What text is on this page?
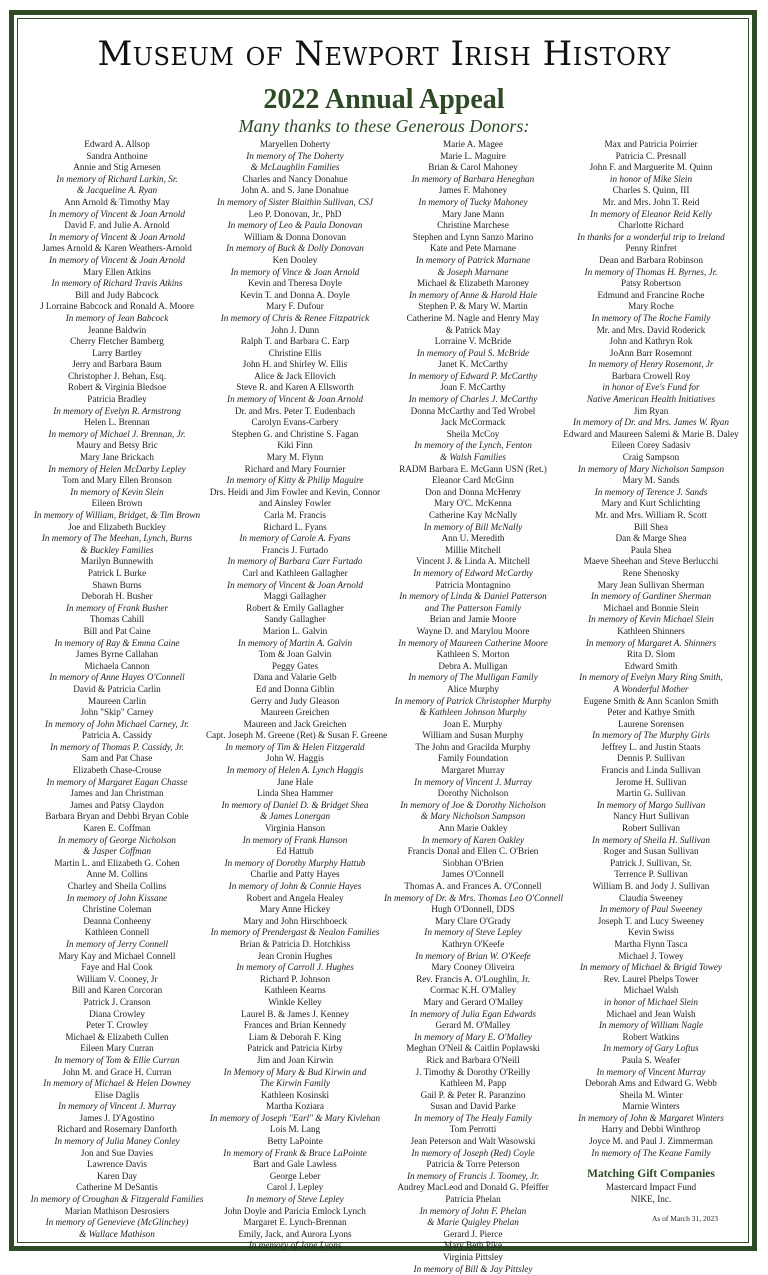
Museum of Newport Irish History
2022 Annual Appeal
Many thanks to these Generous Donors:
Edward A. Allsop
Sandra Anthoine
Annie and Stig Arnesen
In memory of Richard Larkin, Sr.
& Jacqueline A. Ryan
Ann Arnold & Timothy May
In memory of Vincent & Joan Arnold
David F. and Julie A. Arnold
In memory of Vincent & Joan Arnold
James Arnold & Karen Weathers-Arnold
In memory of Vincent & Joan Arnold
Mary Ellen Atkins
In memory of Richard Travis Atkins
Bill and Judy Babcock
J Lorraine Babcock and Ronald A. Moore
In memory of Jean Babcock
Jeanne Baldwin
Cherry Fletcher Bamberg
Larry Bartley
Jerry and Barbara Baum
Christopher J. Behan, Esq.
Robert & Virginia Bledsoe
Patricia Bradley
In memory of Evelyn R. Armstrong
Helen L. Brennan
In memory of Michael J. Brennan, Jr.
Maury and Betsy Bric
Mary Jane Brickach
In memory of Helen McDarby Lepley
Tom and Mary Ellen Bronson
In memory of Kevin Slein
Eileen Brown
In memory of William, Bridget, & Tim Brown
Joe and Elizabeth Buckley
In memory of The Meehan, Lynch, Burns
& Buckley Families
Marilyn Bunnewith
Patrick L Burke
Shawn Burns
Deborah H. Busher
In memory of Frank Busher
Thomas Cahill
Bill and Pat Caine
In memory of Ray & Emma Caine
James Byrne Callahan
Michaela Cannon
In memory of Anne Hayes O'Connell
David & Patricia Carlin
Maureen Carlin
John "Skip" Carney
In memory of John Michael Carney, Jr.
Patricia A. Cassidy
In memory of Thomas P. Cassidy, Jr.
Sam and Pat Chase
Elizabeth Chase-Crouse
In memory of Margaret Eagan Chasse
James and Jan Christman
James and Patsy Claydon
Barbara Bryan and Debbi Bryan Coble
Karen E. Coffman
In memory of George Nicholson
& Jasper Coffman
Martin L. and Elizabeth G. Cohen
Anne M. Collins
Charley and Sheila Collins
In memory of John Kissane
Christine Coleman
Deanna Conheeny
Kathleen Connell
In memory of Jerry Connell
Mary Kay and Michael Connell
Faye and Hal Cook
William V. Cooney, Jr
Bill and Karen Corcoran
Patrick J. Cranson
Diana Crowley
Peter T. Crowley
Michael & Elizabeth Cullen
Eileen Mary Curran
In memory of Tom & Ellie Curran
John M. and Grace H. Curran
In memory of Michael & Helen Downey
Elise Daglis
In memory of Vincent J. Murray
James J. D'Agostino
Richard and Rosemary Danforth
In memory of Julia Maney Conley
Jon and Sue Davies
Lawrence Davis
Karen Day
Catherine M DeSantis
In memory of Croughan & Fitzgerald Families
Marian Mathison Desrosiers
In memory of Genevieve (McGlinchey)
& Wallace Mathison
Maryellen Doherty
In memory of The Doherty
& McLaughlin Families
Charles and Nancy Donahue
John A. and S. Jane Donahue
In memory of Sister Blaithin Sullivan, CSJ
Leo P. Donovan, Jr., PhD
In memory of Leo & Paula Donovan
William & Donna Donovan
In memory of Buck & Dolly Donovan
Ken Dooley
In memory of Vince & Joan Arnold
Kevin and Theresa Doyle
Kevin T. and Donna A. Doyle
Mary F. Dufour
In memory of Chris & Renee Fitzpatrick
John J. Dunn
Ralph T. and Barbara C. Earp
Christine Ellis
John H. and Shirley W. Ellis
Alice & Jack Ellovich
Steve R. and Karen A Ellsworth
In memory of Vincent & Joan Arnold
Dr. and Mrs. Peter T. Eudenbach
Carolyn Evans-Carbery
Stephen G. and Christine S. Fagan
Kiki Finn
Mary M. Flynn
Richard and Mary Fournier
In memory of Kitty & Philip Maguire
Drs. Heidi and Jim Fowler and Kevin, Connor
and Ainsley Fowler
Carla M. Francis
Richard L. Fyans
In memory of Carole A. Fyans
Francis J. Furtado
In memory of Barbara Carr Furtado
Carl and Kathleen Gallagher
In memory of Vincent & Joan Arnold
Maggi Gallagher
Robert & Emily Gallagher
Sandy Gallagher
Marion L. Galvin
In memory of Martin A. Galvin
Tom & Joan Galvin
Peggy Gates
Dana and Valarie Gelb
Ed and Donna Giblin
Gerry and Judy Gleason
Maureen Greichen
Maureen and Jack Greichen
Capt. Joseph M. Greene (Ret) & Susan F. Greene
In memory of Tim & Helen Fitzgerald
John W. Haggis
In memory of Helen A. Lynch Haggis
Jane Hale
Linda Shea Hammer
In memory of Daniel D. & Bridget Shea
& James Lonergan
Virginia Hanson
In memory of Frank Hanson
Ed Hattub
In memory of Dorothy Murphy Hattub
Charlie and Patty Hayes
In memory of John & Connie Hayes
Robert and Angela Healey
Mary Anne Hickey
Mary and John Hirschboeck
In memory of Prendergast & Nealon Families
Brian & Patricia D. Hotchkiss
Jean Cronin Hughes
In memory of Carroll J. Hughes
Richard P. Johnson
Kathleen Kearns
Winkle Kelley
Laurel B. & James J. Kenney
Frances and Brian Kennedy
Liam & Deborah F. King
Patrick and Patricia Kirby
Jim and Joan Kirwin
In Memory of Mary & Bud Kirwin and
The Kirwin Family
Kathleen Kosinski
Martha Koziara
In memory of Joseph "Earl" & Mary Kivlehan
Lois M. Lang
Betty LaPointe
In memory of Frank & Bruce LaPointe
Bart and Gale Lawless
George Leber
Carol J. Lepley
In memory of Steve Lepley
John Doyle and Paricia Emlock Lynch
Margaret E. Lynch-Brennan
Emily, Jack, and Aurora Lyons
In memory of Jane Lyons
Marie A. Magee
Marie L. Maguire
Brian & Carol Mahoney
In memory of Barbara Heneghan
James F. Mahoney
In memory of Tucky Mahoney
Mary Jane Mann
Christine Marchese
Stephen and Lynn Sanzo Marino
Kate and Pete Marnane
In memory of Patrick Marnane
& Joseph Marnane
Michael & Elizabeth Maroney
In memory of Anne & Harold Hale
Stephen P. & Mary W. Martin
Catherine M. Nagle and Henry May
& Patrick May
Lorraine V. McBride
In memory of Paul S. McBride
Janet K. McCarthy
In memory of Edward P. McCarthy
Joan F. McCarthy
In memory of Charles J. McCarthy
Donna McCarthy and Ted Wrobel
Jack McCormack
Sheila McCoy
In memory of the Lynch, Fenton
& Walsh Families
RADM Barbara E. McGann USN (Ret.)
Eleanor Card McGinn
Don and Donna McHenry
Mary O'C. McKenna
Catherine Kay McNally
In memory of Bill McNally
Ann U. Meredith
Millie Mitchell
Vincent J. & Linda A. Mitchell
In memory of Edward McCarthy
Patricia Montagnino
In memory of Linda & Daniel Patterson
and The Patterson Family
Brian and Jamie Moore
Wayne D. and Marylou Moore
In memory of Maureen Catherine Moore
Kathleen S. Morton
Debra A. Mulligan
In memory of The Mulligan Family
Alice Murphy
In memory of Patrick Christopher Murphy
& Kathleen Johnson Murphy
Joan E. Murphy
William and Susan Murphy
The John and Gracilda Murphy
Family Foundation
Margaret Murray
In memory of Vincent J. Murray
Dorothy Nicholson
In memory of Joe & Dorothy Nicholson
& Mary Nicholson Sampson
Ann Marie Oakley
In memory of Karen Oakley
Francis Donal and Ellen C. O'Brien
Siobhan O'Brien
James O'Connell
Thomas A. and Frances A. O'Connell
In memory of Dr. & Mrs. Thomas Leo O'Connell
Hugh O'Donnell, DDS
Mary Clare O'Grady
In memory of Steve Lepley
Kathryn O'Keefe
In memory of Brian W. O'Keefe
Mary Cooney Oliveira
Rev. Francis A. O'Loughlin, Jr.
Cormac K.H. O'Malley
Mary and Gerard O'Malley
In memory of Julia Egan Edwards
Gerard M. O'Malley
In memory of Mary E. O'Malley
Meghan O'Neil & Caitlin Poplawski
Rick and Barbara O'Neill
J. Timothy & Dorothy O'Reilly
Kathleen M. Papp
Gail P. & Peter R. Paranzino
Susan and David Parke
In memory of The Healy Family
Tom Perrotti
Jean Peterson and Walt Wasowski
In memory of Joseph (Red) Coyle
Patricia & Torre Peterson
In memory of Francis J. Toomey, Jr.
Audrey MacLeod and Donald G. Pfeiffer
Patricia Phelan
In memory of John F. Phelan
& Marie Quigley Phelan
Gerard J. Pierce
Mary Beth Pike
Virginia Pittsley
In memory of Bill & Jay Pittsley
Max and Patricia Poirrier
Patricia C. Presnall
John F. and Marguerite M. Quinn
in honor of Mike Slein
Charles S. Quinn, III
Mr. and Mrs. John T. Reid
In memory of Eleanor Reid Kelly
Charlotte Richard
In thanks for a wonderful trip to Ireland
Penny Rinfret
Dean and Barbara Robinson
In memory of Thomas H. Byrnes, Jr.
Patsy Robertson
Edmund and Francine Roche
Mary Roche
In memory of The Roche Family
Mr. and Mrs. David Roderick
John and Kathryn Rok
JoAnn Barr Rosemont
In memory of Henry Rosemont, Jr
Barbara Crowell Roy
in honor of Eve's Fund for
Native American Health Initiatives
Jim Ryan
In memory of Dr. and Mrs. James W. Ryan
Edward and Maureen Salemi & Marie B. Daley
Eileen Corey Sadasiv
Craig Sampson
In memory of Mary Nicholson Sampson
Mary M. Sands
In memory of Terence J. Sands
Mary and Kurt Schlichting
Mr. and Mrs. William R. Scott
Bill Shea
Dan & Marge Shea
Paula Shea
Maeve Sheehan and Steve Berlucchi
Rene Shenosky
Mary Jean Sullivan Sherman
In memory of Gardiner Sherman
Michael and Bonnie Slein
In memory of Kevin Michael Slein
Kathleen Shinners
In memory of Margaret A. Shinners
Rita D. Slom
Edward Smith
In memory of Evelyn Mary Ring Smith,
A Wonderful Mother
Eugene Smith & Ann Scanlon Smith
Peter and Kathye Smith
Laurene Sorensen
In memory of The Murphy Girls
Jeffrey L. and Justin Staats
Dennis P. Sullivan
Francis and Linda Sullivan
Jerome H. Sullivan
Martin G. Sullivan
In memory of Margo Sullivan
Nancy Hurt Sullivan
Robert Sullivan
In memory of Sheila H. Sullivan
Roger and Susan Sullivan
Patrick J. Sullivan, Sr.
Terrence P. Sullivan
William B. and Jody J. Sullivan
Claudia Sweeney
In memory of Paul Sweeney
Joseph T. and Lucy Sweeney
Kevin Swiss
Martha Flynn Tasca
Michael J. Towey
In memory of Michael & Brigid Towey
Rev. Laurel Phelps Tower
Michael Walsh
in honor of Michael Slein
Michael and Jean Walsh
In memory of William Nagle
Robert Watkins
In memory of Gary Loftus
Paula S. Weafer
In memory of Vincent Murray
Deborah Ams and Edward G. Webb
Sheila M. Winter
Marnie Winters
In memory of John & Margaret Winters
Harry and Debbi Winthrop
Joyce M. and Paul J. Zimmerman
In memory of The Keane Family
Matching Gift Companies
Mastercard Impact Fund
NIKE, Inc.
As of March 31, 2023
